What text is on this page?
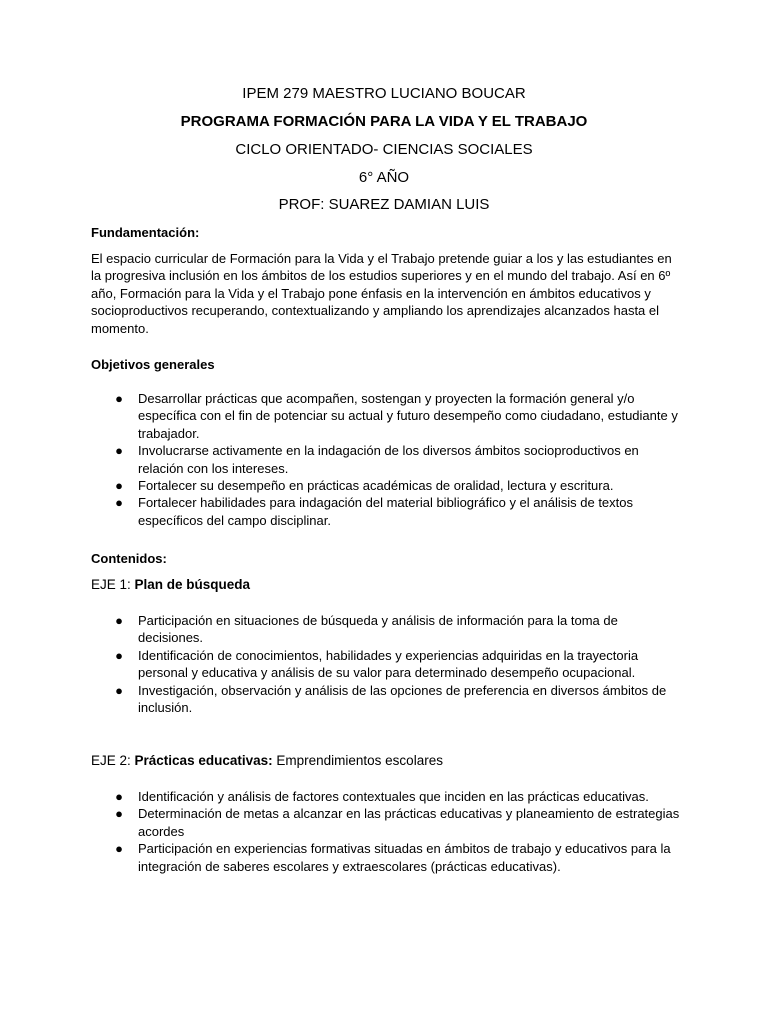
IPEM 279 MAESTRO LUCIANO BOUCAR
PROGRAMA FORMACIÓN PARA LA VIDA Y EL TRABAJO
CICLO ORIENTADO- CIENCIAS SOCIALES
6° AÑO
PROF: SUAREZ DAMIAN LUIS
Fundamentación:
El espacio curricular de Formación para la Vida y el Trabajo pretende guiar a los y las estudiantes en la progresiva inclusión en los ámbitos de los estudios superiores y en el mundo del trabajo. Así en 6º año, Formación para la Vida y el Trabajo pone énfasis en la intervención en ámbitos educativos y socioproductivos recuperando, contextualizando y ampliando los aprendizajes alcanzados hasta el momento.
Objetivos generales
● Desarrollar prácticas que acompañen, sostengan y proyecten la formación general y/o específica con el fin de potenciar su actual y futuro desempeño como ciudadano, estudiante y trabajador.
● Involucrarse activamente en la indagación de los diversos ámbitos socioproductivos en relación con los intereses.
● Fortalecer su desempeño en prácticas académicas de oralidad, lectura y escritura.
● Fortalecer habilidades para indagación del material bibliográfico y el análisis de textos específicos del campo disciplinar.
Contenidos:
EJE 1: Plan de búsqueda
● Participación en situaciones de búsqueda y análisis de información para la toma de decisiones.
● Identificación de conocimientos, habilidades y experiencias adquiridas en la trayectoria personal y educativa y análisis de su valor para determinado desempeño ocupacional.
● Investigación, observación y análisis de las opciones de preferencia en diversos ámbitos de inclusión.
EJE 2: Prácticas educativas: Emprendimientos escolares
● Identificación y análisis de factores contextuales que inciden en las prácticas educativas.
● Determinación de metas a alcanzar en las prácticas educativas y planeamiento de estrategias acordes
● Participación en experiencias formativas situadas en ámbitos de trabajo y educativos para la integración de saberes escolares y extraescolares (prácticas educativas).
